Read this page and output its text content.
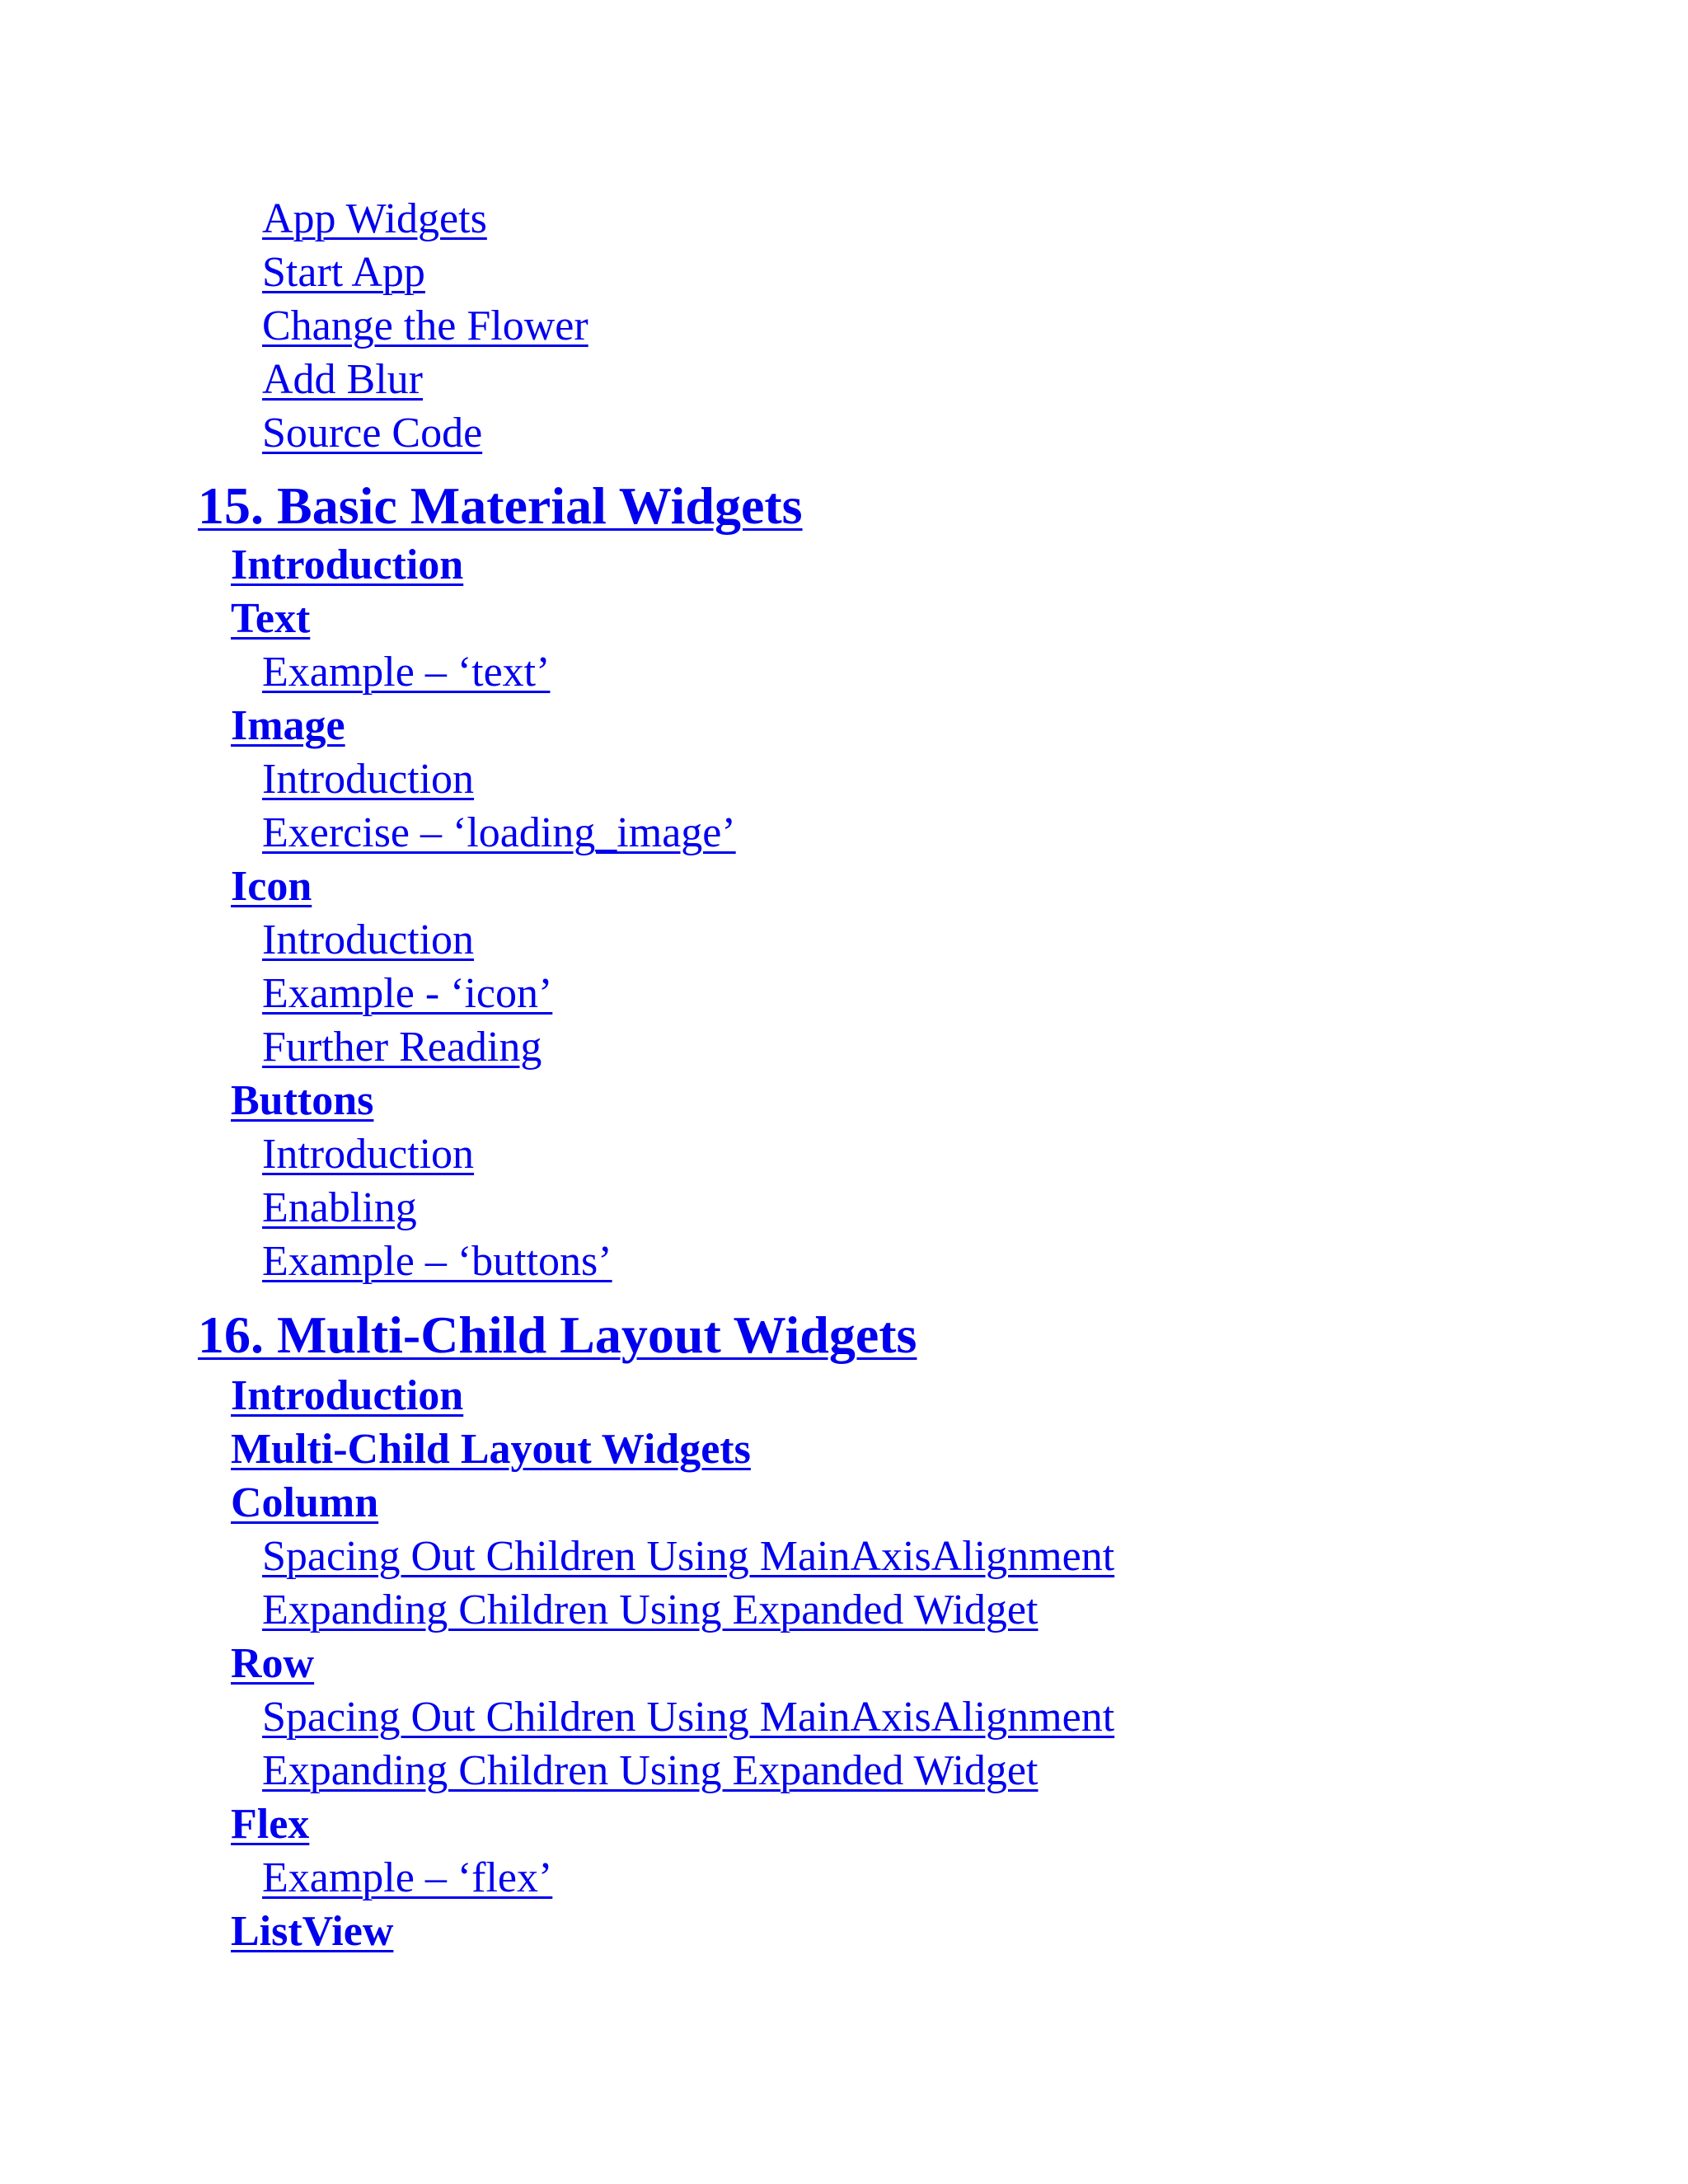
App Widgets
Start App
Change the Flower
Add Blur
Source Code
15. Basic Material Widgets
Introduction
Text
Example – ‘text’
Image
Introduction
Exercise – ‘loading_image’
Icon
Introduction
Example - ‘icon’
Further Reading
Buttons
Introduction
Enabling
Example – ‘buttons’
16. Multi-Child Layout Widgets
Introduction
Multi-Child Layout Widgets
Column
Spacing Out Children Using MainAxisAlignment
Expanding Children Using Expanded Widget
Row
Spacing Out Children Using MainAxisAlignment
Expanding Children Using Expanded Widget
Flex
Example – ‘flex’
ListView
